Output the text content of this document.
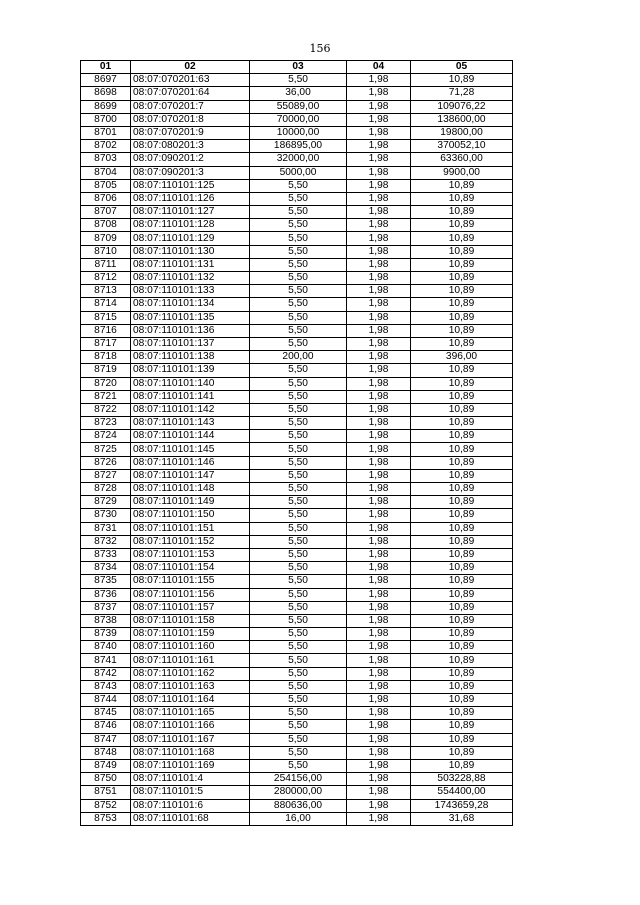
156
01	02	03	04	05
8697	08:07:070201:63	5,50	1,98	10,89
8698	08:07:070201:64	36,00	1,98	71,28
8699	08:07:070201:7	55089,00	1,98	109076,22
8700	08:07:070201:8	70000,00	1,98	138600,00
8701	08:07:070201:9	10000,00	1,98	19800,00
8702	08:07:080201:3	186895,00	1,98	370052,10
8703	08:07:090201:2	32000,00	1,98	63360,00
8704	08:07:090201:3	5000,00	1,98	9900,00
8705	08:07:110101:125	5,50	1,98	10,89
8706	08:07:110101:126	5,50	1,98	10,89
8707	08:07:110101:127	5,50	1,98	10,89
8708	08:07:110101:128	5,50	1,98	10,89
8709	08:07:110101:129	5,50	1,98	10,89
8710	08:07:110101:130	5,50	1,98	10,89
8711	08:07:110101:131	5,50	1,98	10,89
8712	08:07:110101:132	5,50	1,98	10,89
8713	08:07:110101:133	5,50	1,98	10,89
8714	08:07:110101:134	5,50	1,98	10,89
8715	08:07:110101:135	5,50	1,98	10,89
8716	08:07:110101:136	5,50	1,98	10,89
8717	08:07:110101:137	5,50	1,98	10,89
8718	08:07:110101:138	200,00	1,98	396,00
8719	08:07:110101:139	5,50	1,98	10,89
8720	08:07:110101:140	5,50	1,98	10,89
8721	08:07:110101:141	5,50	1,98	10,89
8722	08:07:110101:142	5,50	1,98	10,89
8723	08:07:110101:143	5,50	1,98	10,89
8724	08:07:110101:144	5,50	1,98	10,89
8725	08:07:110101:145	5,50	1,98	10,89
8726	08:07:110101:146	5,50	1,98	10,89
8727	08:07:110101:147	5,50	1,98	10,89
8728	08:07:110101:148	5,50	1,98	10,89
8729	08:07:110101:149	5,50	1,98	10,89
8730	08:07:110101:150	5,50	1,98	10,89
8731	08:07:110101:151	5,50	1,98	10,89
8732	08:07:110101:152	5,50	1,98	10,89
8733	08:07:110101:153	5,50	1,98	10,89
8734	08:07:110101:154	5,50	1,98	10,89
8735	08:07:110101:155	5,50	1,98	10,89
8736	08:07:110101:156	5,50	1,98	10,89
8737	08:07:110101:157	5,50	1,98	10,89
8738	08:07:110101:158	5,50	1,98	10,89
8739	08:07:110101:159	5,50	1,98	10,89
8740	08:07:110101:160	5,50	1,98	10,89
8741	08:07:110101:161	5,50	1,98	10,89
8742	08:07:110101:162	5,50	1,98	10,89
8743	08:07:110101:163	5,50	1,98	10,89
8744	08:07:110101:164	5,50	1,98	10,89
8745	08:07:110101:165	5,50	1,98	10,89
8746	08:07:110101:166	5,50	1,98	10,89
8747	08:07:110101:167	5,50	1,98	10,89
8748	08:07:110101:168	5,50	1,98	10,89
8749	08:07:110101:169	5,50	1,98	10,89
8750	08:07:110101:4	254156,00	1,98	503228,88
8751	08:07:110101:5	280000,00	1,98	554400,00
8752	08:07:110101:6	880636,00	1,98	1743659,28
8753	08:07:110101:68	16,00	1,98	31,68
